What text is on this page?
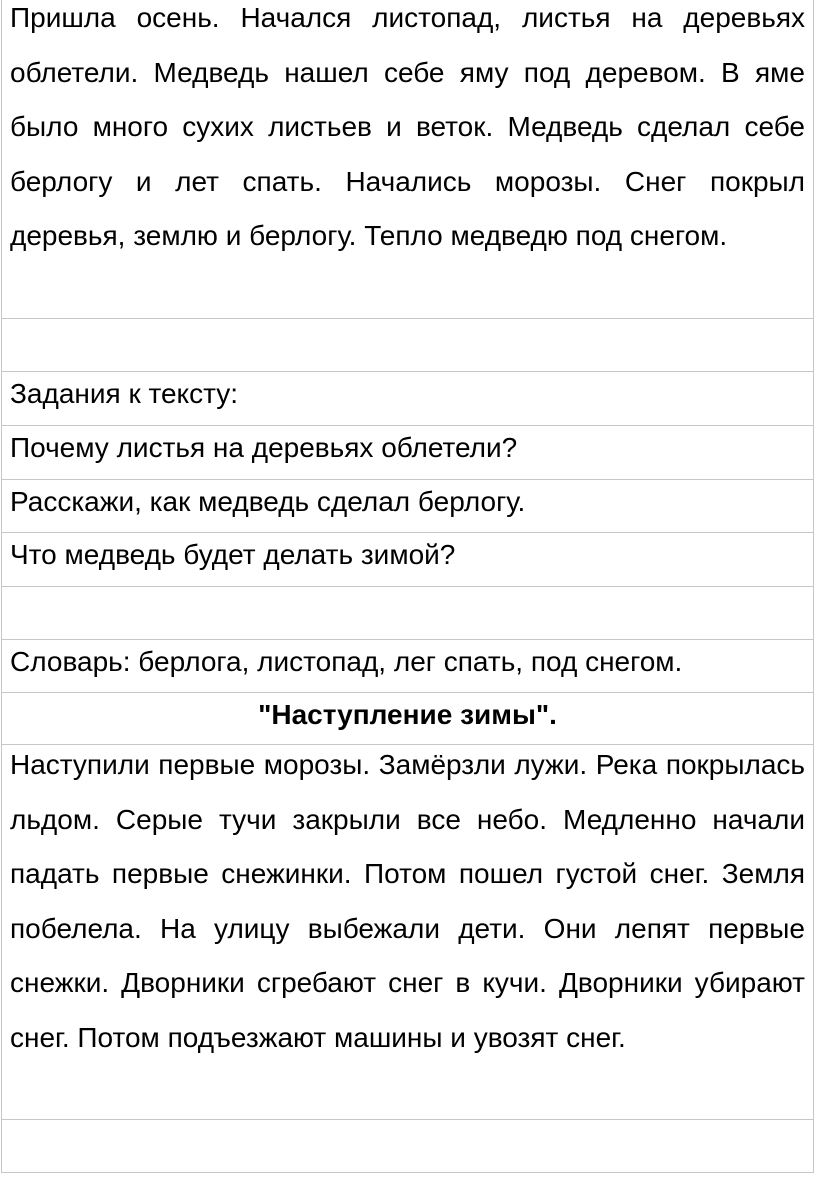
Пришла осень. Начался листопад, листья на деревьях облетели. Медведь нашел себе яму под деревом. В яме было много сухих листьев и веток. Медведь сделал себе берлогу и лет спать. Начались морозы. Снег покрыл деревья, землю и берлогу. Тепло медведю под снегом.
Задания к тексту:
Почему листья на деревьях облетели?
Расскажи, как медведь сделал берлогу.
Что медведь будет делать зимой?
Словарь: берлога, листопад, лег спать, под снегом.
"Наступление зимы".
Наступили первые морозы. Замёрзли лужи. Река покрылась льдом. Серые тучи закрыли все небо. Медленно начали падать первые снежинки. Потом пошел густой снег. Земля побелела. На улицу выбежали дети. Они лепят первые снежки. Дворники сгребают снег в кучи. Дворники убирают снег. Потом подъезжают машины и увозят снег.
